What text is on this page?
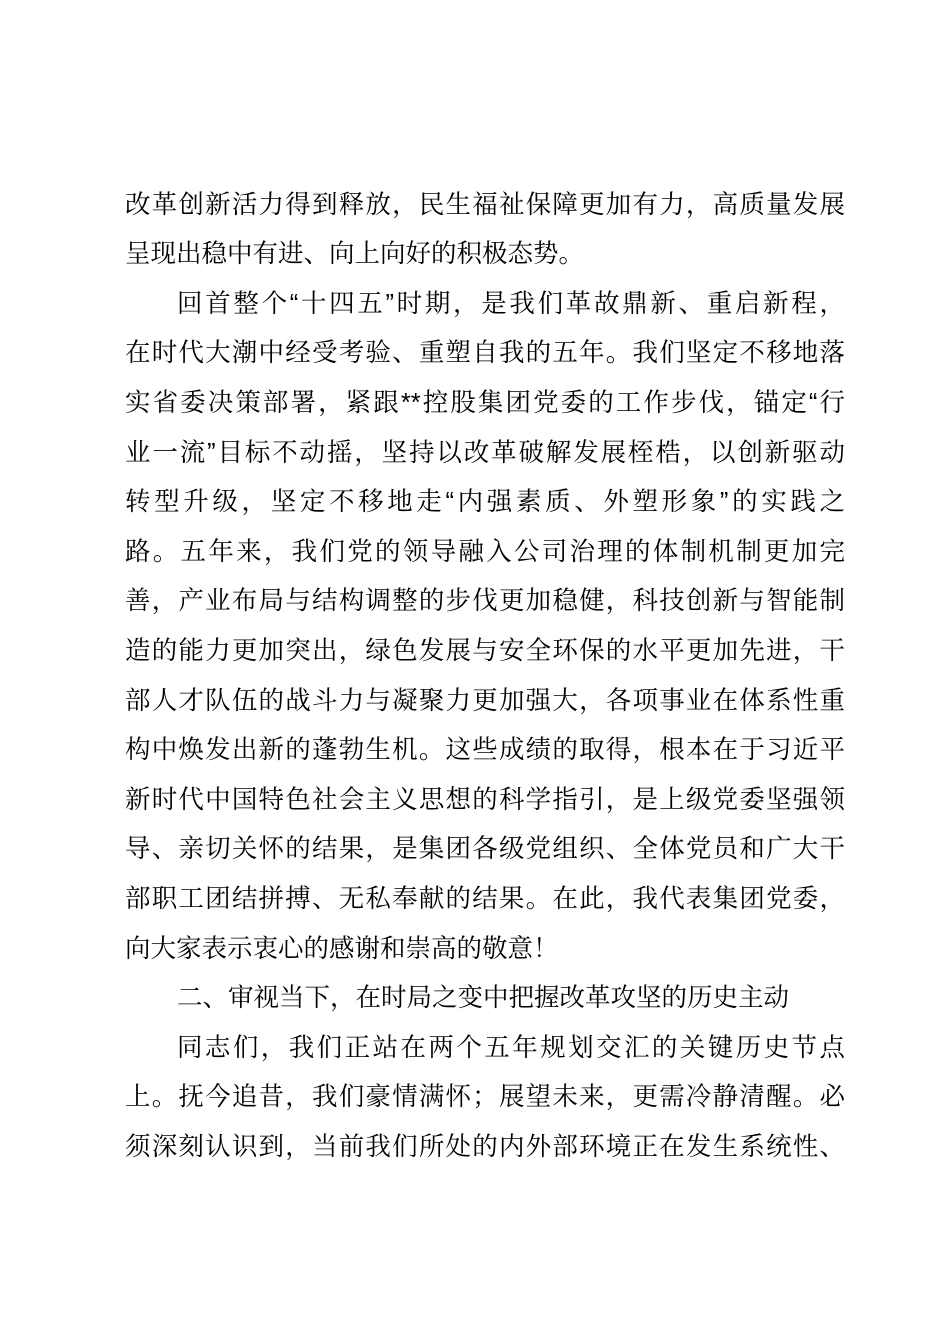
改革创新活力得到释放，民生福祉保障更加有力，高质量发展
呈现出稳中有进、向上向好的积极态势。
回首整个“十四五”时期，是我们革故鼎新、重启新程，
在时代大潮中经受考验、重塑自我的五年。我们坚定不移地落
实省委决策部署，紧跟**控股集团党委的工作步伐，锚定“行
业一流”目标不动摇，坚持以改革破解发展桎梏，以创新驱动
转型升级，坚定不移地走“内强素质、外塑形象”的实践之
路。五年来，我们党的领导融入公司治理的体制机制更加完
善，产业布局与结构调整的步伐更加稳健，科技创新与智能制
造的能力更加突出，绿色发展与安全环保的水平更加先进，干
部人才队伍的战斗力与凝聚力更加强大，各项事业在体系性重
构中焕发出新的蓬勃生机。这些成绩的取得，根本在于习近平
新时代中国特色社会主义思想的科学指引，是上级党委坚强领
导、亲切关怀的结果，是集团各级党组织、全体党员和广大干
部职工团结拼搏、无私奉献的结果。在此，我代表集团党委，
向大家表示衷心的感谢和崇高的敬意！
二、审视当下，在时局之变中把握改革攻坚的历史主动
同志们，我们正站在两个五年规划交汇的关键历史节点
上。抚今追昔，我们豪情满怀；展望未来，更需冷静清醒。必
须深刻认识到，当前我们所处的内外部环境正在发生系统性、
